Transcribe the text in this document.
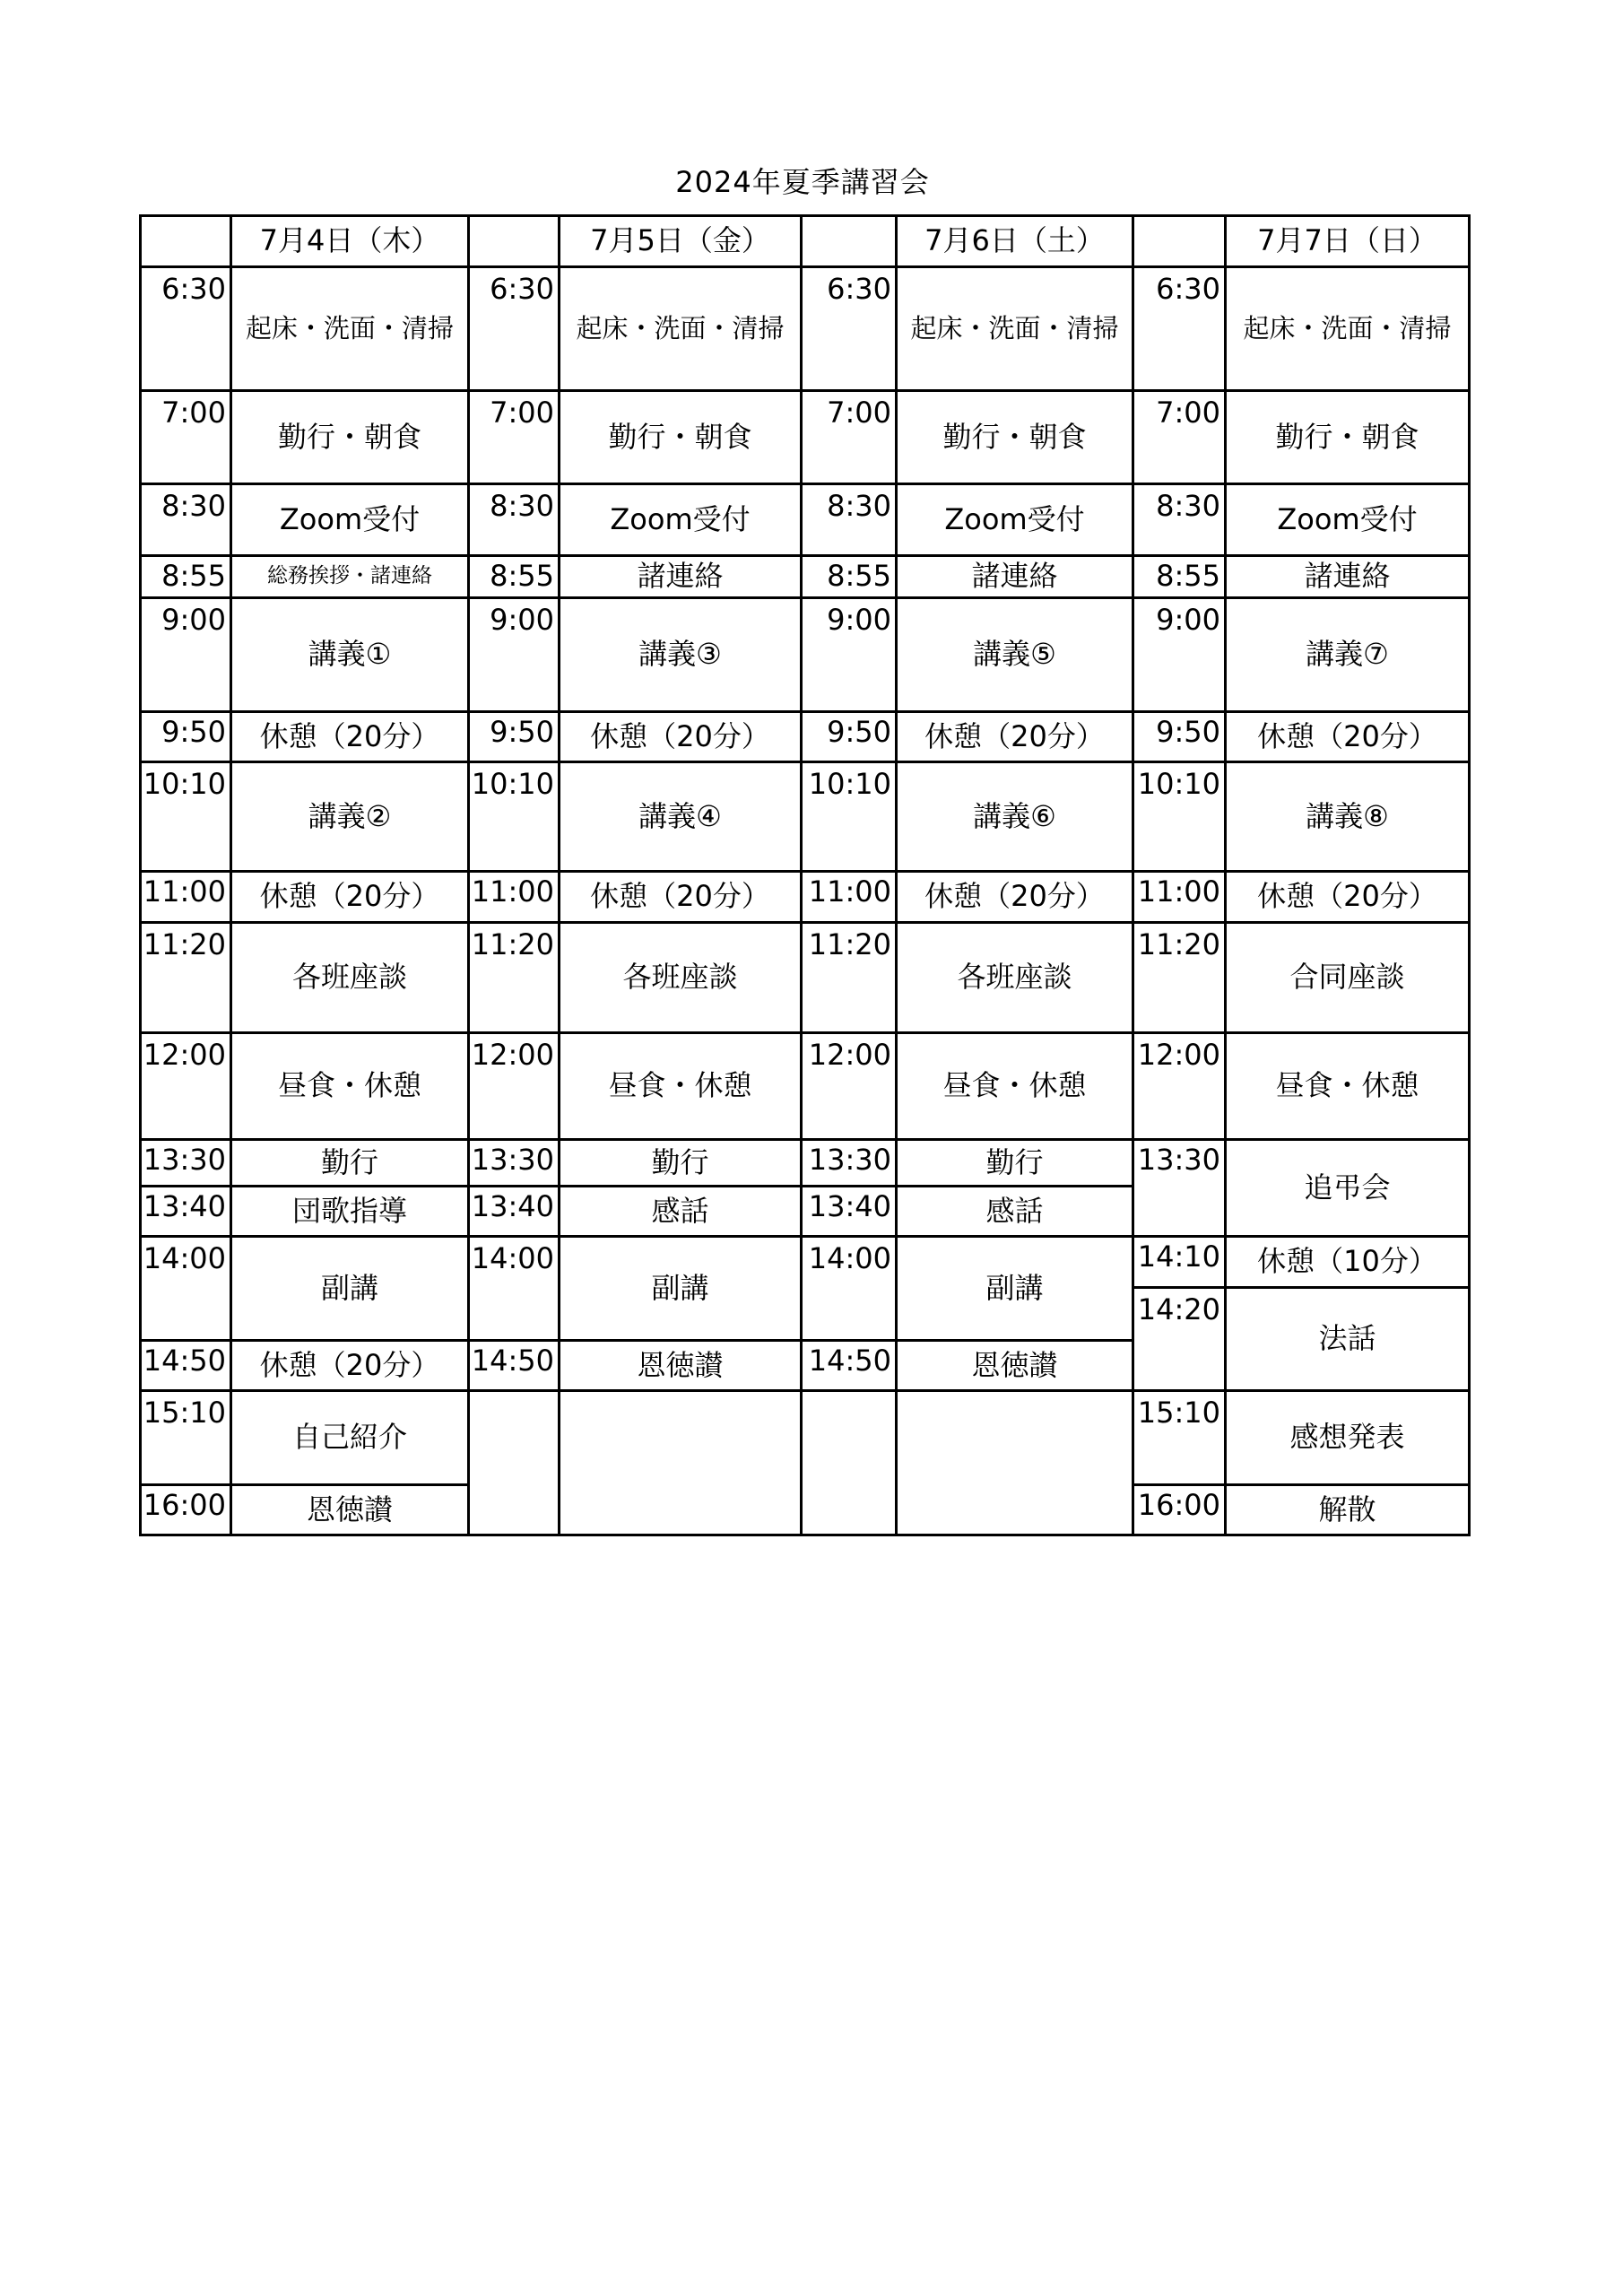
2024年夏季講習会
	7月4日（木）		7月5日（金）		7月6日（土）		7月7日（日）
6:30	起床・洗面・清掃	6:30	起床・洗面・清掃	6:30	起床・洗面・清掃	6:30	起床・洗面・清掃
7:00	勤行・朝食	7:00	勤行・朝食	7:00	勤行・朝食	7:00	勤行・朝食
8:30	Zoom受付	8:30	Zoom受付	8:30	Zoom受付	8:30	Zoom受付
8:55	総務挨拶・諸連絡	8:55	諸連絡	8:55	諸連絡	8:55	諸連絡
9:00	講義①	9:00	講義③	9:00	講義⑤	9:00	講義⑦
9:50	休憩（20分）	9:50	休憩（20分）	9:50	休憩（20分）	9:50	休憩（20分）
10:10	講義②	10:10	講義④	10:10	講義⑥	10:10	講義⑧
11:00	休憩（20分）	11:00	休憩（20分）	11:00	休憩（20分）	11:00	休憩（20分）
11:20	各班座談	11:20	各班座談	11:20	各班座談	11:20	合同座談
12:00	昼食・休憩	12:00	昼食・休憩	12:00	昼食・休憩	12:00	昼食・休憩
13:30	勤行	13:30	勤行	13:30	勤行	13:30	追弔会
13:40	団歌指導	13:40	感話	13:40	感話		
14:00	副講	14:00	副講	14:00	副講	14:10	休憩（10分）
						14:20	法話
14:50	休憩（20分）	14:50	恩徳讃	14:50	恩徳讃		
15:10	自己紹介					15:10	感想発表
16:00	恩徳讃					16:00	解散
